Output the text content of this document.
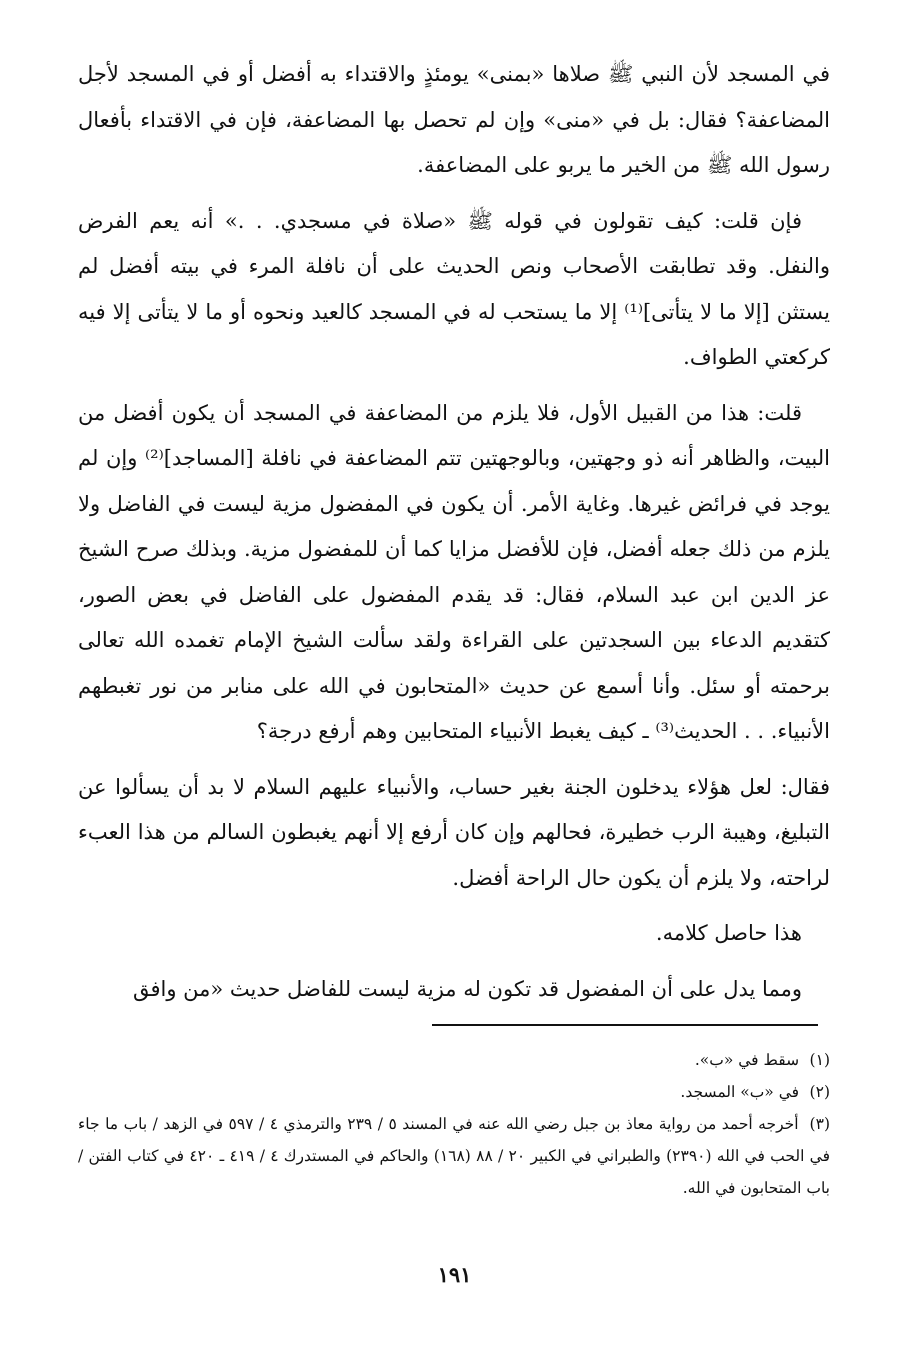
في المسجد لأن النبي ﷺ صلاها «بمنى» يومئذٍ والاقتداء به أفضل أو في المسجد لأجل المضاعفة؟ فقال: بل في «منى» وإن لم تحصل بها المضاعفة، فإن في الاقتداء بأفعال رسول الله ﷺ من الخير ما يربو على المضاعفة.

فإن قلت: كيف تقولون في قوله ﷺ «صلاة في مسجدي. . .» أنه يعم الفرض والنفل. وقد تطابقت الأصحاب ونص الحديث على أن نافلة المرء في بيته أفضل لم يستثن [إلا ما لا يتأتى]⁽¹⁾ إلا ما يستحب له في المسجد كالعيد ونحوه أو ما لا يتأتى إلا فيه كركعتي الطواف.

قلت: هذا من القبيل الأول، فلا يلزم من المضاعفة في المسجد أن يكون أفضل من البيت، والظاهر أنه ذو وجهتين، وبالوجهتين تتم المضاعفة في نافلة [المساجد]⁽²⁾ وإن لم يوجد في فرائض غيرها. وغاية الأمر. أن يكون في المفضول مزية ليست في الفاضل ولا يلزم من ذلك جعله أفضل، فإن للأفضل مزايا كما أن للمفضول مزية. وبذلك صرح الشيخ عز الدين ابن عبد السلام، فقال: قد يقدم المفضول على الفاضل في بعض الصور، كتقديم الدعاء بين السجدتين على القراءة ولقد سألت الشيخ الإمام تغمده الله تعالى برحمته أو سئل. وأنا أسمع عن حديث «المتحابون في الله على منابر من نور تغبطهم الأنبياء. . . الحديث⁽³⁾ ـ كيف يغبط الأنبياء المتحابين وهم أرفع درجة؟

فقال: لعل هؤلاء يدخلون الجنة بغير حساب، والأنبياء عليهم السلام لا بد أن يسألوا عن التبليغ، وهيبة الرب خطيرة، فحالهم وإن كان أرفع إلا أنهم يغبطون السالم من هذا العبء لراحته، ولا يلزم أن يكون حال الراحة أفضل.

هذا حاصل كلامه.

ومما يدل على أن المفضول قد تكون له مزية ليست للفاضل حديث «من وافق

(١) سقط في «ب».

(٢) في «ب» المسجد.

(٣) أخرجه أحمد من رواية معاذ بن جبل رضي الله عنه في المسند ٥ / ٢٣٩ والترمذي ٤ / ٥٩٧ في الزهد / باب ما جاء في الحب في الله (٢٣٩٠) والطبراني في الكبير ٢٠ / ٨٨ (١٦٨) والحاكم في المستدرك ٤ / ٤١٩ ـ ٤٢٠ في كتاب الفتن / باب المتحابون في الله.

١٩١
